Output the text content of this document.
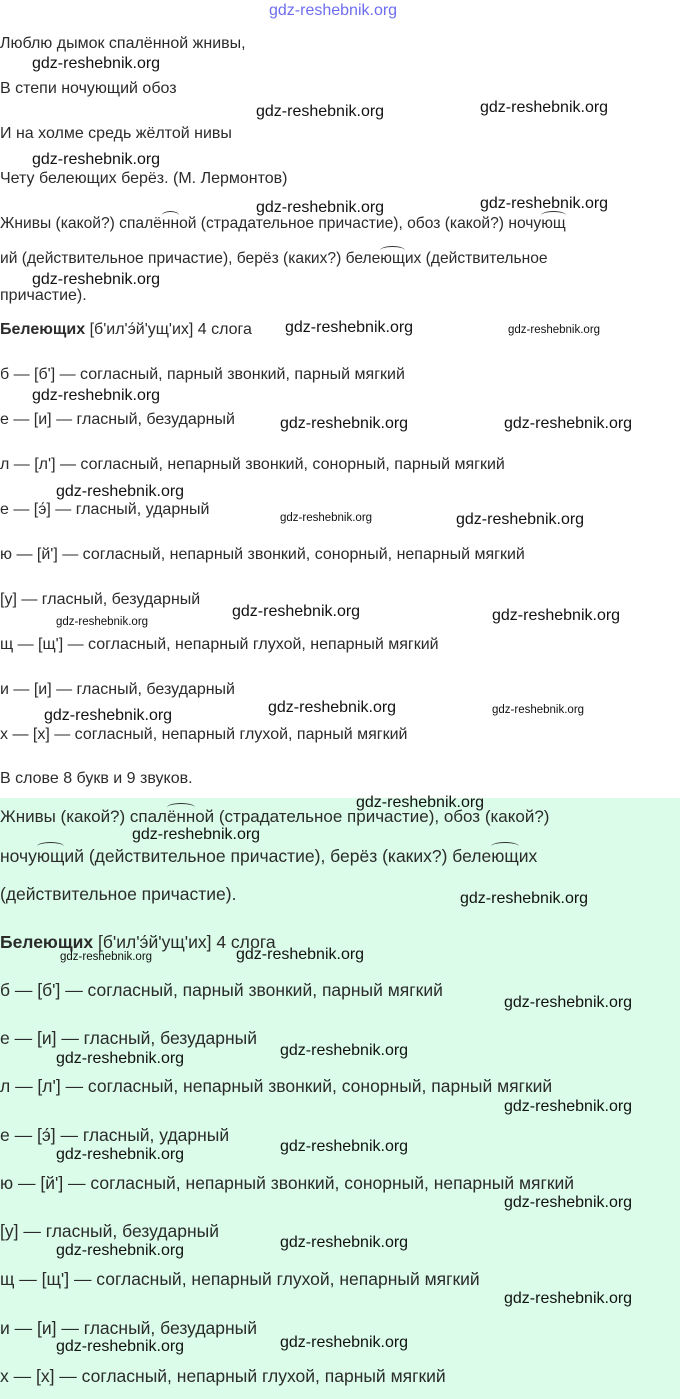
gdz-reshebnik.org

Люблю дымок спалённой жнивы,

В степи ночующий обоз

И на холме средь жёлтой нивы

Чету белеющих берёз. (М. Лермонтов)

Жнивы (какой?) спалённой (страдательное причастие), обоз (какой?) ночующ

ий (действительное причастие), берёз (каких?) белеющих (действительное

причастие).

Белеющих [б'ил'э́й'ущ'их] 4 слога

б — [б'] — согласный, парный звонкий, парный мягкий

е — [и] — гласный, безударный

л — [л'] — согласный, непарный звонкий, сонорный, парный мягкий

е — [э́] — гласный, ударный

ю — [й'] — согласный, непарный звонкий, сонорный, непарный мягкий

[у] — гласный, безударный

щ — [щ'] — согласный, непарный глухой, непарный мягкий

и — [и] — гласный, безударный

х — [х] — согласный, непарный глухой, парный мягкий

В слове 8 букв и 9 звуков.

gdz-reshebnik.org
gdz-reshebnik.org	gdz-reshebnik.org
gdz-reshebnik.org
gdz-reshebnik.org	gdz-reshebnik.org
gdz-reshebnik.org
gdz-reshebnik.org	gdz-reshebnik.org
gdz-reshebnik.org
gdz-reshebnik.org	gdz-reshebnik.org
gdz-reshebnik.org
gdz-reshebnik.org	gdz-reshebnik.org
gdz-reshebnik.org	gdz-reshebnik.org
gdz-reshebnik.org
gdz-reshebnik.org
gdz-reshebnik.org	gdz-reshebnik.org

Жнивы (какой?) спалённой (страдательное причастие), обоз (какой?)

ночующий (действительное причастие), берёз (каких?) белеющих

(действительное причастие).

Белеющих [б'ил'э́й'ущ'их] 4 слога

б — [б'] — согласный, парный звонкий, парный мягкий

е — [и] — гласный, безударный

л — [л'] — согласный, непарный звонкий, сонорный, парный мягкий

е — [э́] — гласный, ударный

ю — [й'] — согласный, непарный звонкий, сонорный, непарный мягкий

[у] — гласный, безударный

щ — [щ'] — согласный, непарный глухой, непарный мягкий

и — [и] — гласный, безударный

х — [х] — согласный, непарный глухой, парный мягкий

gdz-reshebnik.org
gdz-reshebnik.org
gdz-reshebnik.org
gdz-reshebnik.org	gdz-reshebnik.org
gdz-reshebnik.org
gdz-reshebnik.org
gdz-reshebnik.org
gdz-reshebnik.org
gdz-reshebnik.org
gdz-reshebnik.org
gdz-reshebnik.org
gdz-reshebnik.org	gdz-reshebnik.org
gdz-reshebnik.org
gdz-reshebnik.org	gdz-reshebnik.org
